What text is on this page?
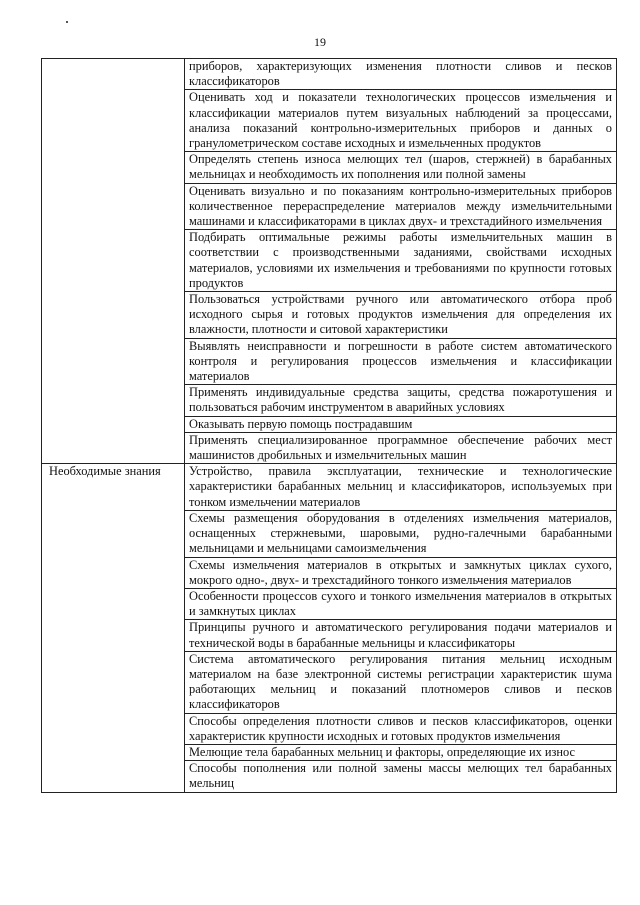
19

	приборов, характеризующих изменения плотности сливов и песков классификаторов

	Оценивать ход и показатели технологических процессов измельчения и классификации материалов путем визуальных наблюдений за процессами, анализа показаний контрольно-измерительных приборов и данных о гранулометрическом составе исходных и измельченных продуктов

	Определять степень износа мелющих тел (шаров, стержней) в барабанных мельницах и необходимость их пополнения или полной замены

	Оценивать визуально и по показаниям контрольно-измерительных приборов количественное перераспределение материалов между измельчительными машинами и классификаторами в циклах двух- и трехстадийного измельчения

	Подбирать оптимальные режимы работы измельчительных машин в соответствии с производственными заданиями, свойствами исходных материалов, условиями их измельчения и требованиями по крупности готовых продуктов

	Пользоваться устройствами ручного или автоматического отбора проб исходного сырья и готовых продуктов измельчения для определения их влажности, плотности и ситовой характеристики

	Выявлять неисправности и погрешности в работе систем автоматического контроля и регулирования процессов измельчения и классификации материалов

	Применять индивидуальные средства защиты, средства пожаротушения и пользоваться рабочим инструментом в аварийных условиях

	Оказывать первую помощь пострадавшим

	Применять специализированное программное обеспечение рабочих мест машинистов дробильных и измельчительных машин

Необходимые знания	Устройство, правила эксплуатации, технические и технологические характеристики барабанных мельниц и классификаторов, используемых при тонком измельчении материалов

	Схемы размещения оборудования в отделениях измельчения материалов, оснащенных стержневыми, шаровыми, рудно-галечными барабанными мельницами и мельницами самоизмельчения

	Схемы измельчения материалов в открытых и замкнутых циклах сухого, мокрого одно-, двух- и трехстадийного тонкого измельчения материалов

	Особенности процессов сухого и тонкого измельчения материалов в открытых и замкнутых циклах

	Принципы ручного и автоматического регулирования подачи материалов и технической воды в барабанные мельницы и классификаторы

	Система автоматического регулирования питания мельниц исходным материалом на базе электронной системы регистрации характеристик шума работающих мельниц и показаний плотномеров сливов и песков классификаторов

	Способы определения плотности сливов и песков классификаторов, оценки характеристик крупности исходных и готовых продуктов измельчения

	Мелющие тела барабанных мельниц и факторы, определяющие их износ

	Способы пополнения или полной замены массы мелющих тел барабанных мельниц
